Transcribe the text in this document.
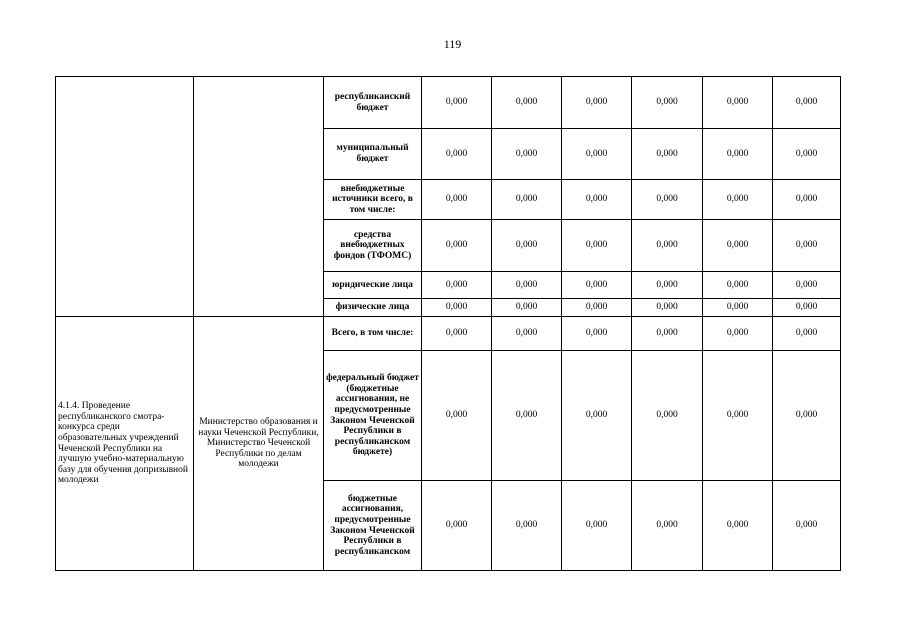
119
		республиканский бюджет	0,000	0,000	0,000	0,000	0,000	0,000
		муниципальный бюджет	0,000	0,000	0,000	0,000	0,000	0,000
		внебюджетные источники всего, в том числе:	0,000	0,000	0,000	0,000	0,000	0,000
		средства внебюджетных фондов (ТФОМС)	0,000	0,000	0,000	0,000	0,000	0,000
		юридические лица	0,000	0,000	0,000	0,000	0,000	0,000
		физические лица	0,000	0,000	0,000	0,000	0,000	0,000
4.1.4. Проведение республиканского смотра-конкурса среди образовательных учреждений Чеченской Республики на лучшую учебно-материальную базу для обучения допризывной молодежи	Министерство образования и науки Чеченской Республики, Министерство Чеченской Республики по делам молодежи	Всего, в том числе:	0,000	0,000	0,000	0,000	0,000	0,000
		федеральный бюджет (бюджетные ассигнования, не предусмотренные Законом Чеченской Республики в республиканском бюджете)	0,000	0,000	0,000	0,000	0,000	0,000
		бюджетные ассигнования, предусмотренные Законом Чеченской Республики в республиканском	0,000	0,000	0,000	0,000	0,000	0,000
